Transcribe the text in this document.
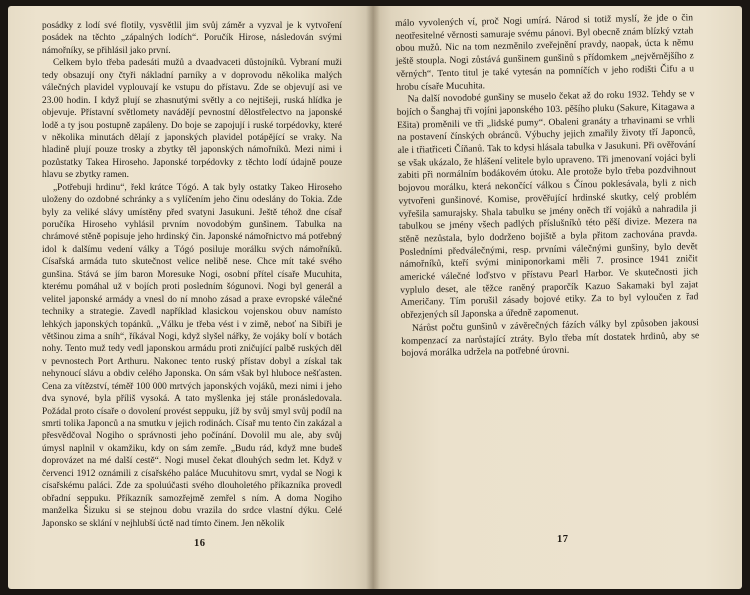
posádky z lodí své flotily, vysvětlil jim svůj záměr a vyzval je k vytvoření posádek na těchto „zápalných lodích“. Poručík Hirose, následován svými námořníky, se přihlásil jako první.

Celkem bylo třeba padesáti mužů a dvaadvaceti důstojníků. Vybraní muži tedy obsazují ony čtyři nákladní parníky a v doprovodu několika malých válečných plavidel vyplouvají ke vstupu do přístavu. Zde se objevují asi ve 23.00 hodin. I když plují se zhasnutými světly a co nejtišeji, ruská hlídka je objevuje. Přístavní světlomety navádějí pevnostní dělostřelectvo na japonské lodě a ty jsou postupně zapáleny. Do boje se zapojují i ruské torpédovky, které v několika minutách dělají z japonských plavidel potápějící se vraky. Na hladině plují pouze trosky a zbytky těl japonských námořníků. Mezi nimi i pozůstatky Takea Hiroseho. Japonské torpédovky z těchto lodí údajně pouze hlavu se zbytky ramen.

„Potřebuji hrdinu“, řekl krátce Tógó. A tak byly ostatky Takeo Hiroseho uloženy do ozdobné schránky a s vylíčením jeho činu odeslány do Tokia. Zde byly za veliké slávy umístěny před svatyni Jasukuni. Ještě téhož dne císař poručíka Hiroseho vyhlásil prvním novodobým gunšinem. Tabulka na chrámové stěně popisuje jeho hrdinský čin. Japonské námořnictvo má potřebný idol k dalšímu vedení války a Tógó posiluje morálku svých námořníků. Císařská armáda tuto skutečnost velice nelibě nese. Chce mít také svého gunšina. Stává se jím baron Moresuke Nogi, osobní přítel císaře Mucuhita, kterému pomáhal už v bojích proti posledním šógunovi. Nogi byl generál a velitel japonské armády a vnesl do ní mnoho zásad a praxe evropské válečné techniky a strategie. Zavedl například klasickou vojenskou obuv namísto lehkých japonských topánků. „Válku je třeba vést i v zimě, neboť na Sibiři je většinou zima a sníh“, říkával Nogi, když slyšel nářky, že vojáky bolí v botách nohy. Tento muž tedy vedl japonskou armádu proti zničující palbě ruských děl v pevnostech Port Arthuru. Nakonec tento ruský přístav dobyl a získal tak nehynoucí slávu a obdiv celého Japonska. On sám však byl hluboce nešťasten. Cena za vítězství, téměř 100 000 mrtvých japonských vojáků, mezi nimi i jeho dva synové, byla příliš vysoká. A tato myšlenka jej stále pronásledovala. Požádal proto císaře o dovolení provést seppuku, jíž by svůj smyl svůj podíl na smrti tolika Japonců a na smutku v jejich rodinách. Císař mu tento čin zakázal a přesvědčoval Nogiho o správnosti jeho počínání. Dovolil mu ale, aby svůj úmysl naplnil v okamžiku, kdy on sám zemře. „Budu rád, když mne budeš doprovázet na mé další cestě“. Nogi musel čekat dlouhých sedm let. Když v červenci 1912 oznámili z císařského paláce Mucuhitovu smrt, vydal se Nogi k císařskému paláci. Zde za spoluúčasti svého dlouholetého příkazníka provedl obřadní seppuku. Příkazník samozřejmě zemřel s ním. A doma Nogiho manželka Šizuku si se stejnou dobu vrazila do srdce vlastní dýku. Celé Japonsko se sklání v nejhlubší úctě nad tímto činem. Jen několik

16

málo vyvolených ví, proč Nogi umírá. Národ si totiž myslí, že jde o čin neotřesitelné věrnosti samuraje svému pánovi. Byl obecně znám blízký vztah obou mužů. Nic na tom nezměnilo zveřejnění pravdy, naopak, úcta k němu ještě stoupla. Nogi zůstává gunšinem gunšinů s přídomkem „nejvěrnějšího z věrných“. Tento titul je také vytesán na pomníčích v jeho rodišti Čifu a u hrobu císaře Mucuhita.

Na další novodobé gunšiny se muselo čekat až do roku 1932. Tehdy se v bojích o Šanghaj tři vojíni japonského 103. pěšího pluku (Sakure, Kitagawa a Ešita) proměnili ve tři „lidské pumy“. Obaleni granáty a trhavinami se vrhli na postavení čínských obránců. Výbuchy jejich zmařily životy tří Japonců, ale i třiatřiceti Číňanů. Tak to kdysi hlásala tabulka v Jasukuni. Při ověřování se však ukázalo, že hlášení velitele bylo upraveno. Tři jmenovaní vojáci byli zabiti při normálním bodákovém útoku. Ale protože bylo třeba pozdvihnout bojovou morálku, která nekončící válkou s Čínou poklesávala, byli z nich vytvořeni gunšinové. Komise, prověřující hrdinské skutky, celý problém vyřešila samurajsky. Shala tabulku se jmény oněch tří vojáků a nahradila ji tabulkou se jmény všech padlých příslušníků této pěší divize. Mezera na stěně nezůstala, bylo dodrženo bojiště a byla přitom zachována pravda. Posledními předválečnými, resp. prvními válečnými gunšiny, bylo devět námořníků, kteří svými miniponorkami měli 7. prosince 1941 zničit americké válečné loďstvo v přístavu Pearl Harbor. Ve skutečnosti jich vyplulo deset, ale těžce raněný praporčík Kazuo Sakamaki byl zajat Američany. Tím porušil zásady bojové etiky. Za to byl vyloučen z řad obřezjených síl Japonska a úředně zapomenut.

Nárůst počtu gunšinů v závěrečných fázích války byl způsoben jakousi kompenzací za narůstající ztráty. Bylo třeba mít dostatek hrdinů, aby se bojová morálka udržela na potřebné úrovni.

17
